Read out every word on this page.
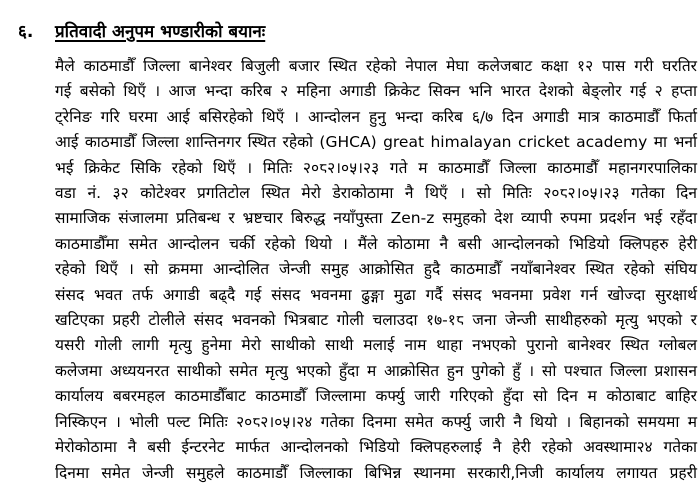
६.	प्रतिवादी अनुपम भण्डारीको बयानः
मैले काठमाडौँ जिल्ला बानेश्वर बिजुली बजार स्थित रहेको नेपाल मेघा कलेजबाट कक्षा १२ पास गरी घरतिर
गई बसेको थिएँ । आज भन्दा करिब २ महिना अगाडी क्रिकेट सिक्न भनि भारत देशको बेङ्लोर गई २ हप्ता
ट्रेनिङ गरि घरमा आई बसिरहेको थिएँ । आन्दोलन हुनु भन्दा करिब ६/७ दिन अगाडी मात्र काठमाडौँ फिर्ता
आई काठमाडौँ जिल्ला शान्तिनगर स्थित रहेको (GHCA) great himalayan cricket academy मा भर्ना
भई क्रिकेट सिकि रहेको थिएँ । मितिः २०८२।०५।२३ गते म काठमाडौँ जिल्ला काठमाडौँ महानगरपालिका
वडा नं. ३२ कोटेश्वर प्रगतिटोल स्थित मेरो डेराकोठामा नै थिएँ । सो मितिः २०८२।०५।२३ गतेका दिन
सामाजिक संजालमा प्रतिबन्ध र भ्रष्टचार बिरुद्ध नयाँपुस्ता Zen-z समुहको देश व्यापी रुपमा प्रदर्शन भई रहँदा
काठमाडौँमा समेत आन्दोलन चर्की रहेको थियो । मैंले कोठामा नै बसी आन्दोलनको भिडियो क्लिपहरु हेरी
रहेको थिएँ । सो क्रममा आन्दोलित जेन्जी समुह आक्रोसित हुदै काठमाडौँ नयाँबानेश्वर स्थित रहेको संघिय
संसद भवत तर्फ अगाडी बढ्दै गई संसद भवनमा ढुङ्गा मुढा गर्दै संसद भवनमा प्रवेश गर्न खोज्दा सुरक्षार्थ
खटिएका प्रहरी टोलीले संसद भवनको भित्रबाट गोली चलाउदा १७-१८ जना जेन्जी साथीहरुको मृत्यु भएको र
यसरी गोली लागी मृत्यु हुनेमा मेरो साथीको साथी मलाई नाम थाहा नभएको पुरानो बानेश्वर स्थित ग्लोबल
कलेजमा अध्ययनरत साथीको समेत मृत्यु भएको हुँदा म आक्रोसित हुन पुगेको हुँ । सो पश्चात जिल्ला प्रशासन
कार्यालय बबरमहल काठमाडौँबाट काठमाडौँ जिल्लामा कर्फ्यु जारी गरिएको हुँदा सो दिन म कोठाबाट बाहिर
निस्किएन । भोली पल्ट मितिः २०८२।०५।२४ गतेका दिनमा समेत कर्फ्यु जारी नै थियो । बिहानको समयमा म
मेरोकोठामा नै बसी ईन्टरनेट मार्फत आन्दोलनको भिडियो क्लिपहरुलाई नै हेरी रहेको अवस्थामा२४ गतेका
दिनमा समेत जेन्जी समुहले काठमाडौँ जिल्लाका बिभिन्न स्थानमा सरकारी,निजी कार्यालय लगायत प्रहरी
